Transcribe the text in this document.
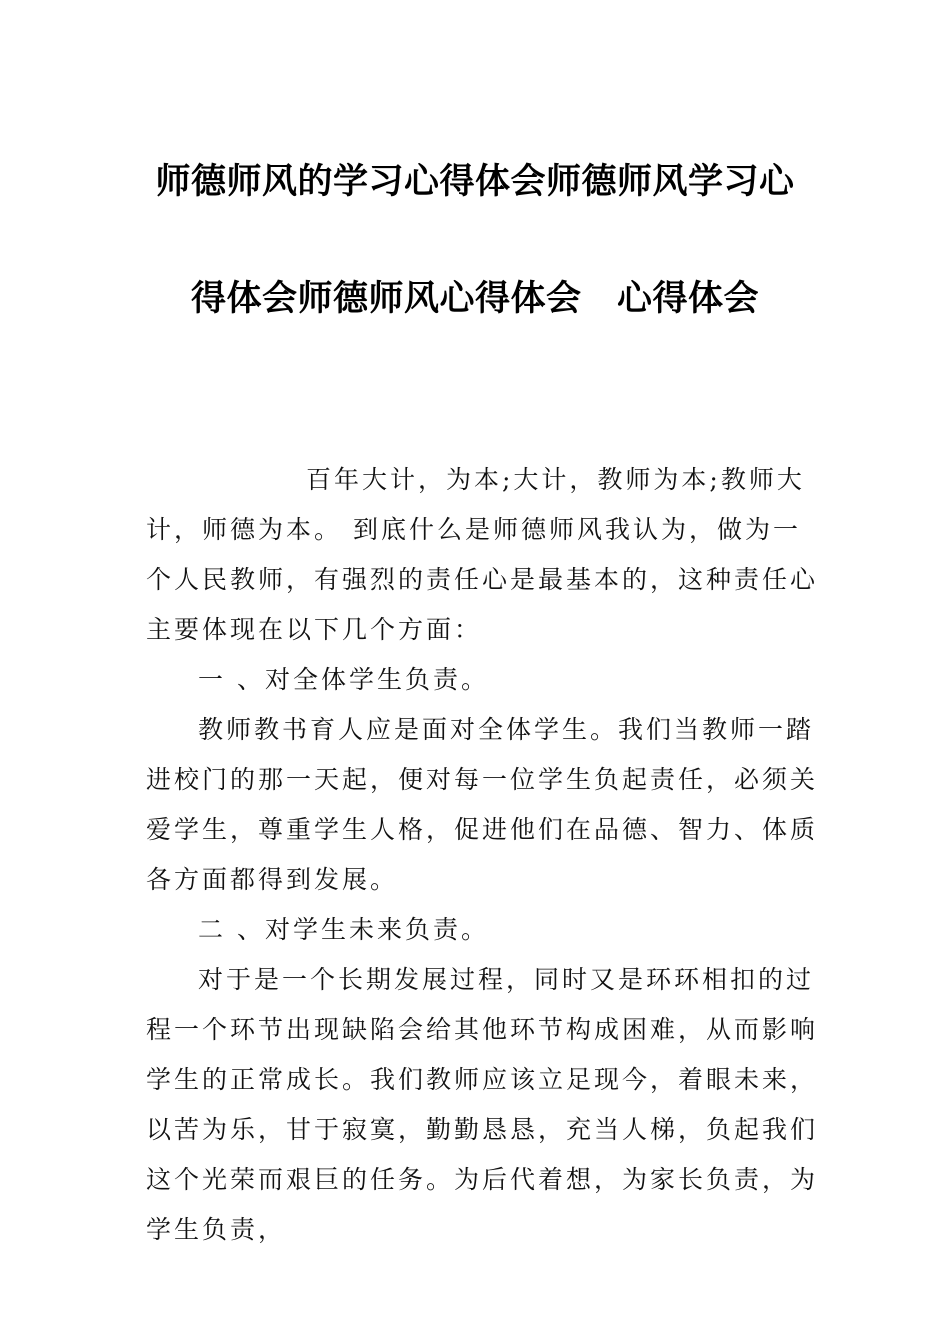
师德师风的学习心得体会师德师风学习心
得体会师德师风心得体会　心得体会

百年大计，为本;大计，教师为本;教师大计，师德为本。 到底什么是师德师风我认为，做为一个人民教师，有强烈的责任心是最基本的，这种责任心主要体现在以下几个方面：

一 、对全体学生负责。

教师教书育人应是面对全体学生。我们当教师一踏进校门的那一天起，便对每一位学生负起责任，必须关爱学生，尊重学生人格，促进他们在品德、智力、体质各方面都得到发展。

二 、对学生未来负责。

对于是一个长期发展过程，同时又是环环相扣的过程一个环节出现缺陷会给其他环节构成困难，从而影响学生的正常成长。我们教师应该立足现今，着眼未来，以苦为乐，甘于寂寞，勤勤恳恳，充当人梯，负起我们这个光荣而艰巨的任务。为后代着想，为家长负责，为学生负责，
